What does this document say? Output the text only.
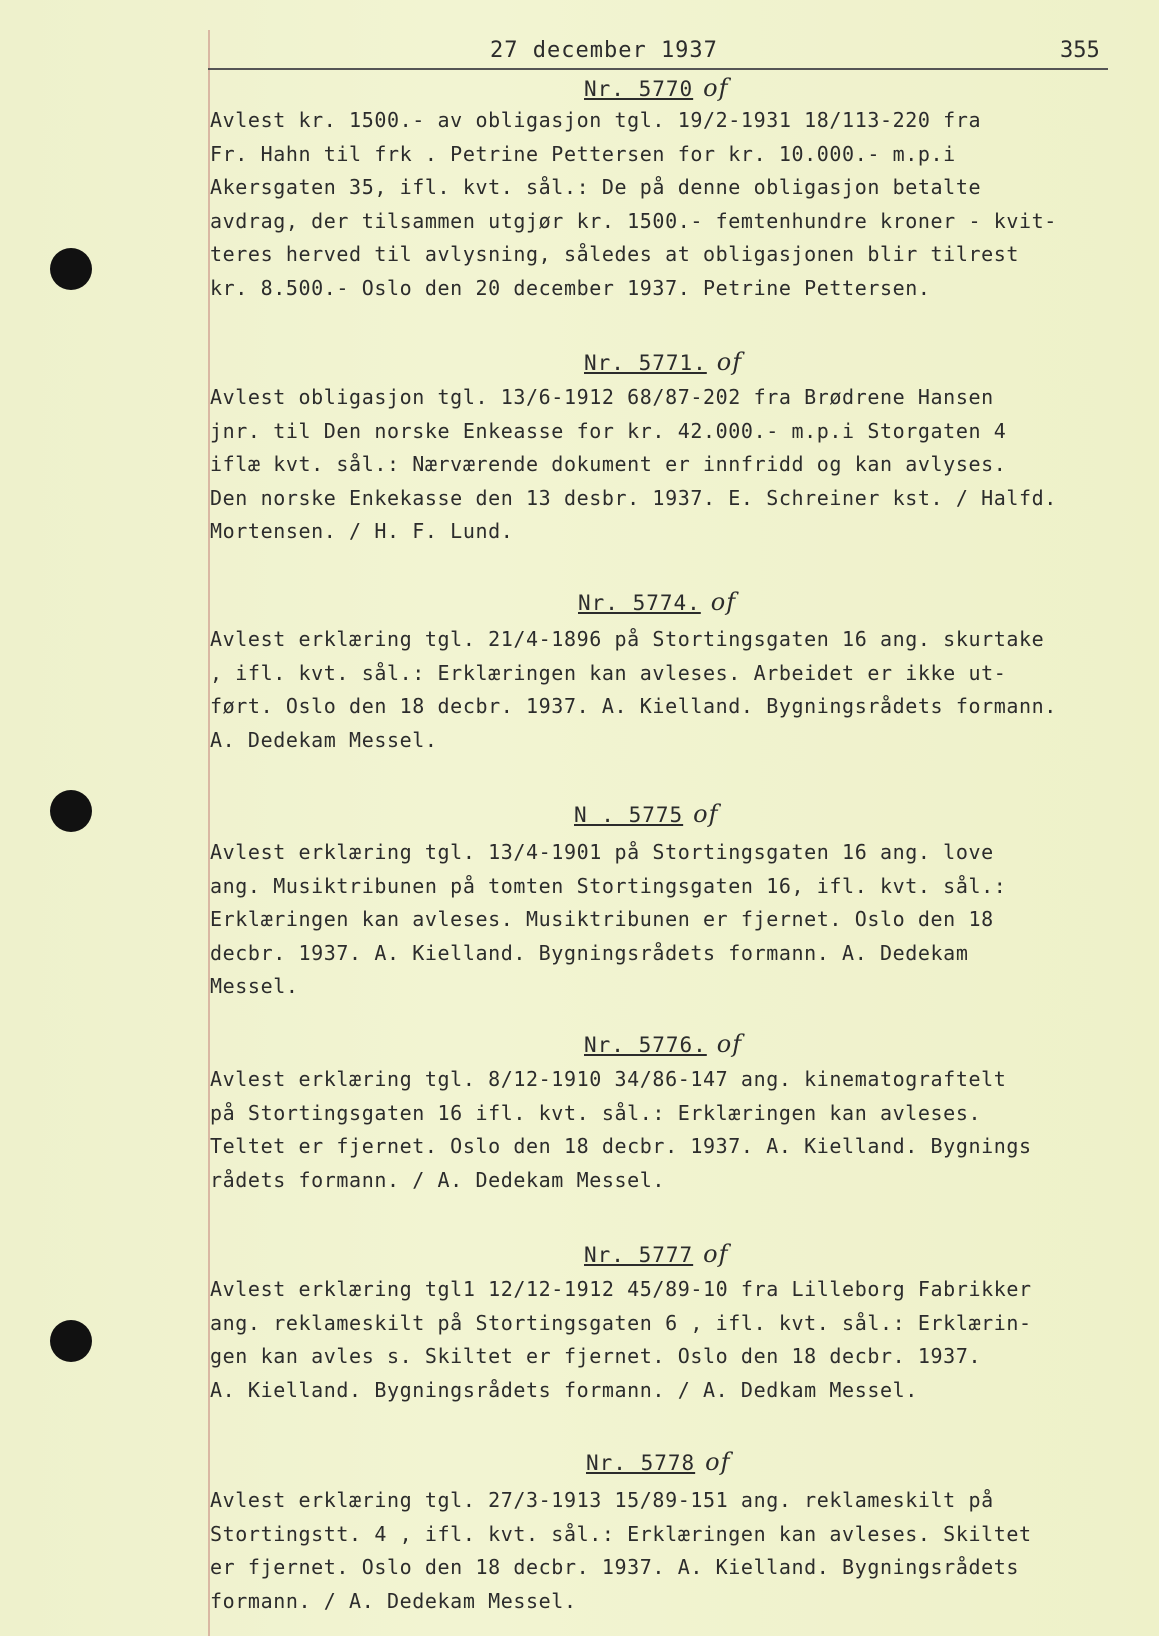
27 december 1937	355
Nr. 5770 of
Avlest kr. 1500.- av obligasjon tgl. 19/2-1931 18/113-220 fra
Fr. Hahn til frk . Petrine Pettersen for kr. 10.000.- m.p.i
Akersgaten 35, ifl. kvt. sål.: De på denne obligasjon betalte
avdrag, der tilsammen utgjør kr. 1500.- femtenhundre kroner - kvit-
teres herved til avlysning, således at obligasjonen blir tilrest
kr. 8.500.- Oslo den 20 december 1937. Petrine Pettersen.
Nr. 5771. of
Avlest obligasjon tgl. 13/6-1912 68/87-202 fra Brødrene Hansen
jnr. til Den norske Enkeasse for kr. 42.000.- m.p.i Storgaten 4
iflæ kvt. sål.: Nærværende dokument er innfridd og kan avlyses.
Den norske Enkekasse den 13 desbr. 1937. E. Schreiner kst. / Halfd.
Mortensen. / H. F. Lund.
Nr. 5774. of
Avlest erklæring tgl. 21/4-1896 på Stortingsgaten 16 ang. skurtake
, ifl. kvt. sål.: Erklæringen kan avleses. Arbeidet er ikke ut-
ført. Oslo den 18 decbr. 1937. A. Kielland. Bygningsrådets formann.
A. Dedekam Messel.
N . 5775 of
Avlest erklæring tgl. 13/4-1901 på Stortingsgaten 16 ang. love
ang. Musiktribunen på tomten Stortingsgaten 16, ifl. kvt. sål.:
Erklæringen kan avleses. Musiktribunen er fjernet. Oslo den 18
decbr. 1937. A. Kielland. Bygningsrådets formann. A. Dedekam
Messel.
Nr. 5776. of
Avlest erklæring tgl. 8/12-1910 34/86-147 ang. kinematograftelt
på Stortingsgaten 16 ifl. kvt. sål.: Erklæringen kan avleses.
Teltet er fjernet. Oslo den 18 decbr. 1937. A. Kielland. Bygnings
rådets formann. / A. Dedekam Messel.
Nr. 5777 of
Avlest erklæring tgl1 12/12-1912 45/89-10 fra Lilleborg Fabrikker
ang. reklameskilt på Stortingsgaten 6 , ifl. kvt. sål.: Erklærin-
gen kan avles s. Skiltet er fjernet. Oslo den 18 decbr. 1937.
A. Kielland. Bygningsrådets formann. / A. Dedkam Messel.
Nr. 5778 of
Avlest erklæring tgl. 27/3-1913 15/89-151 ang. reklameskilt på
Stortingstt. 4 , ifl. kvt. sål.: Erklæringen kan avleses. Skiltet
er fjernet. Oslo den 18 decbr. 1937. A. Kielland. Bygningsrådets
formann. / A. Dedekam Messel.
